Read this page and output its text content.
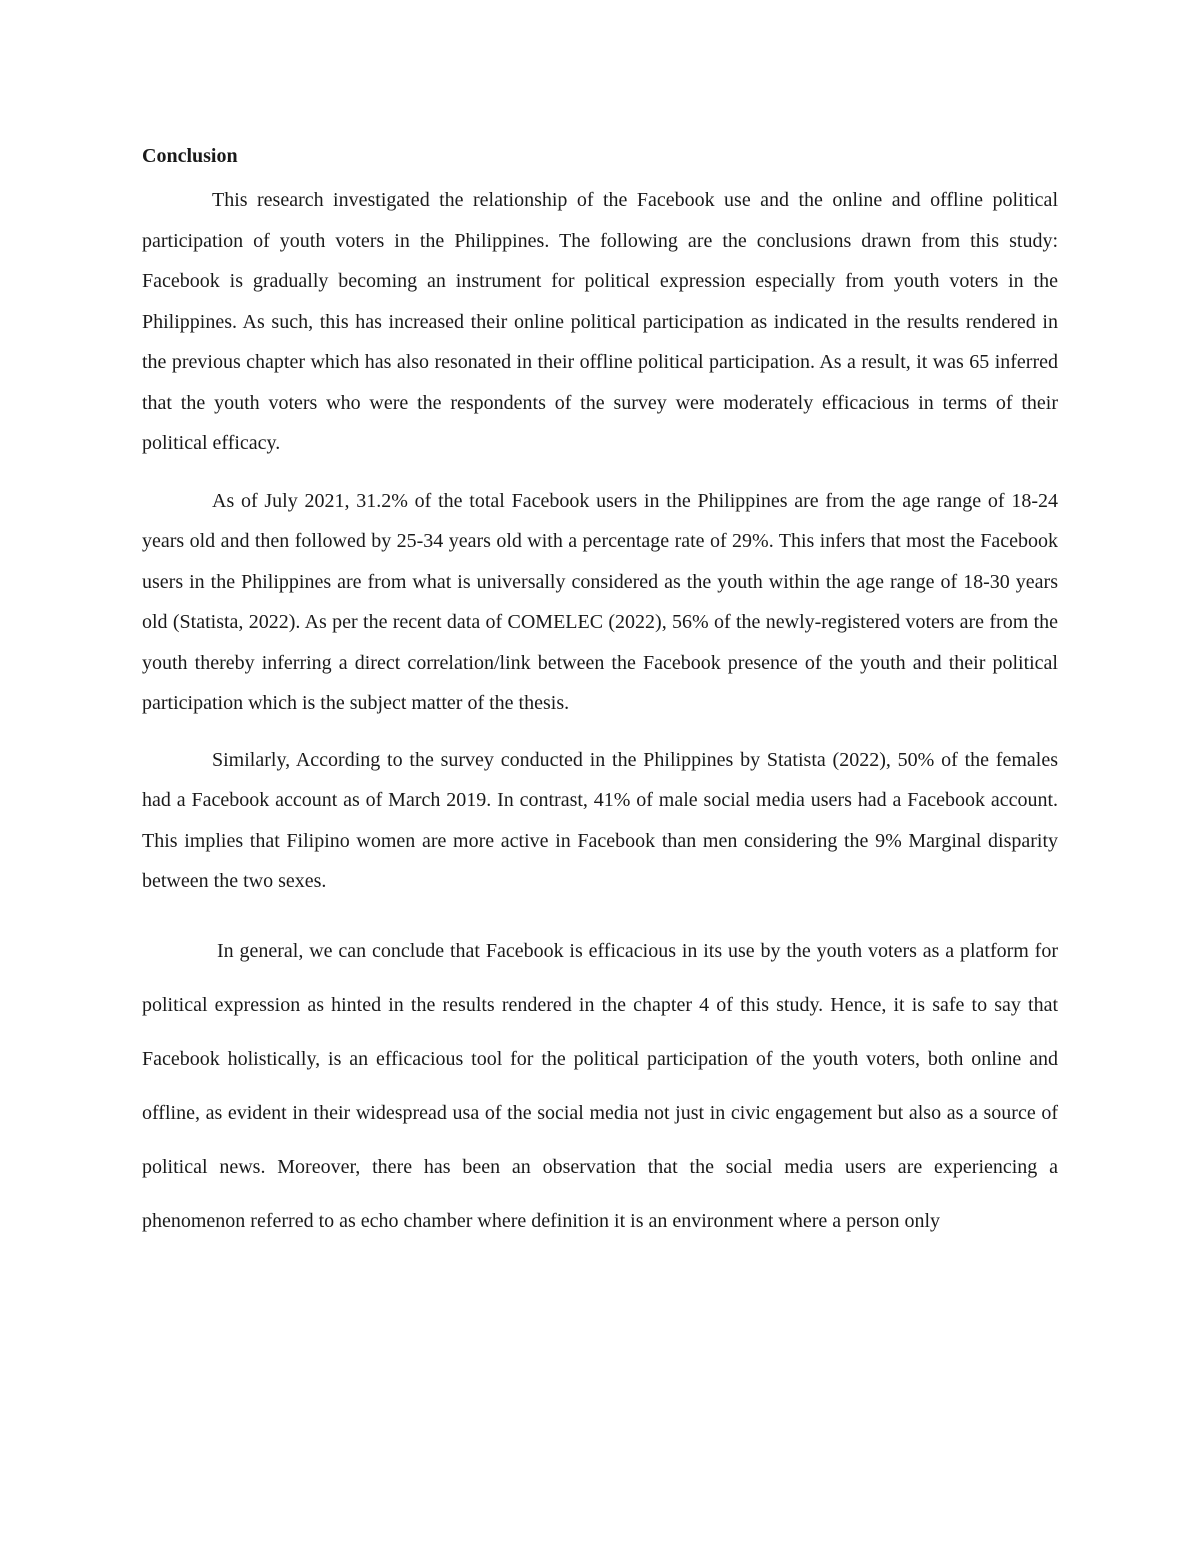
Conclusion

This research investigated the relationship of the Facebook use and the online and offline political participation of youth voters in the Philippines. The following are the conclusions drawn from this study: Facebook is gradually becoming an instrument for political expression especially from youth voters in the Philippines. As such, this has increased their online political participation as indicated in the results rendered in the previous chapter which has also resonated in their offline political participation. As a result, it was 65 inferred that the youth voters who were the respondents of the survey were moderately efficacious in terms of their political efficacy.

As of July 2021, 31.2% of the total Facebook users in the Philippines are from the age range of 18-24 years old and then followed by 25-34 years old with a percentage rate of 29%. This infers that most the Facebook users in the Philippines are from what is universally considered as the youth within the age range of 18-30 years old (Statista, 2022). As per the recent data of COMELEC (2022), 56% of the newly-registered voters are from the youth thereby inferring a direct correlation/link between the Facebook presence of the youth and their political participation which is the subject matter of the thesis.

Similarly, According to the survey conducted in the Philippines by Statista (2022), 50% of the females had a Facebook account as of March 2019. In contrast, 41% of male social media users had a Facebook account. This implies that Filipino women are more active in Facebook than men considering the 9% Marginal disparity between the two sexes.

In general, we can conclude that Facebook is efficacious in its use by the youth voters as a platform for political expression as hinted in the results rendered in the chapter 4 of this study. Hence, it is safe to say that Facebook holistically, is an efficacious tool for the political participation of the youth voters, both online and offline, as evident in their widespread usa of the social media not just in civic engagement but also as a source of political news. Moreover, there has been an observation that the social media users are experiencing a phenomenon referred to as echo chamber where definition it is an environment where a person only
